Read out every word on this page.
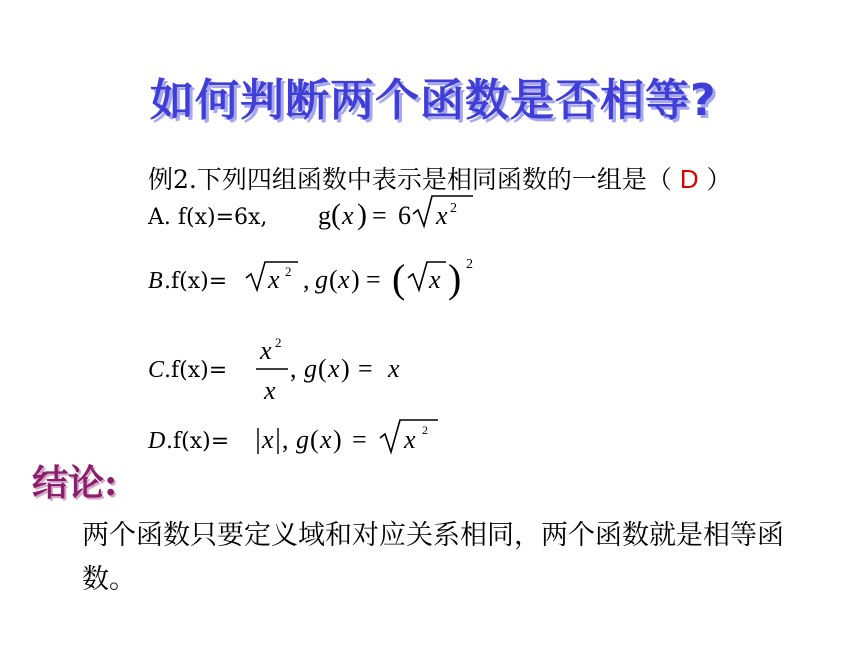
如何判断两个函数是否相等?
例2.下列四组函数中表示是相同函数的一组是（ D ）
A. f(x)=6x, g ( x ) = 6 x 2
B .f(x)= x 2 , g ( x ) = ( x ) 2
C .f(x)=
x 2
x
, g ( x ) = x
D .f(x)= x , g ( x ) = x 2
结论:
两个函数只要定义域和对应关系相同，两个函数就是相等函数。
